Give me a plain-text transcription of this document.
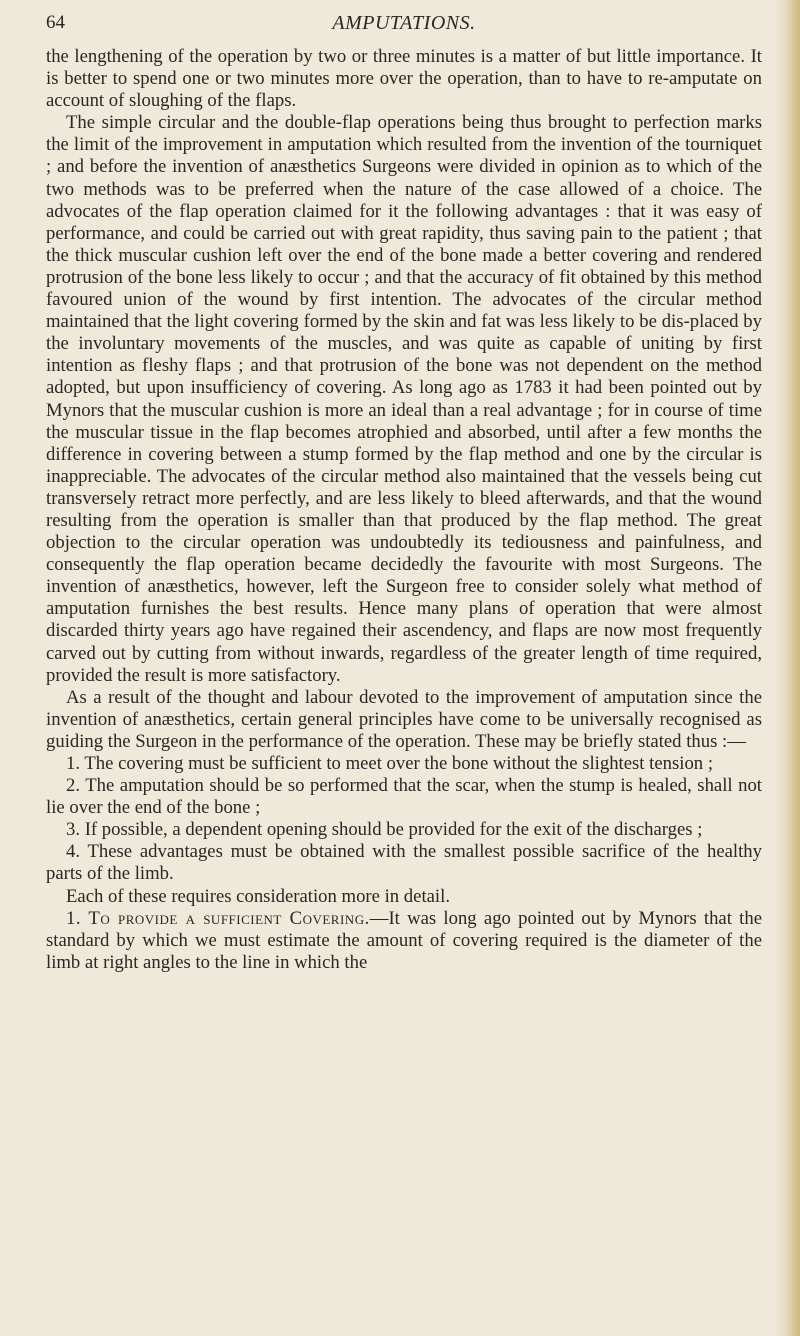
64	AMPUTATIONS.

the lengthening of the operation by two or three minutes is a matter of but little importance. It is better to spend one or two minutes more over the operation, than to have to re-amputate on account of sloughing of the flaps.

The simple circular and the double-flap operations being thus brought to perfection marks the limit of the improvement in amputation which resulted from the invention of the tourniquet ; and before the invention of anæsthetics Surgeons were divided in opinion as to which of the two methods was to be preferred when the nature of the case allowed of a choice. The advocates of the flap operation claimed for it the following advantages : that it was easy of performance, and could be carried out with great rapidity, thus saving pain to the patient ; that the thick muscular cushion left over the end of the bone made a better covering and rendered protrusion of the bone less likely to occur ; and that the accuracy of fit obtained by this method favoured union of the wound by first intention. The advocates of the circular method maintained that the light covering formed by the skin and fat was less likely to be dis-placed by the involuntary movements of the muscles, and was quite as capable of uniting by first intention as fleshy flaps ; and that protrusion of the bone was not dependent on the method adopted, but upon insufficiency of covering. As long ago as 1783 it had been pointed out by Mynors that the muscular cushion is more an ideal than a real advantage ; for in course of time the muscular tissue in the flap becomes atrophied and absorbed, until after a few months the difference in covering between a stump formed by the flap method and one by the circular is inappreciable. The advocates of the circular method also maintained that the vessels being cut transversely retract more perfectly, and are less likely to bleed afterwards, and that the wound resulting from the operation is smaller than that produced by the flap method. The great objection to the circular operation was undoubtedly its tediousness and painfulness, and consequently the flap operation became decidedly the favourite with most Surgeons. The invention of anæsthetics, however, left the Surgeon free to consider solely what method of amputation furnishes the best results. Hence many plans of operation that were almost discarded thirty years ago have regained their ascendency, and flaps are now most frequently carved out by cutting from without inwards, regardless of the greater length of time required, provided the result is more satisfactory.

As a result of the thought and labour devoted to the improvement of amputation since the invention of anæsthetics, certain general principles have come to be universally recognised as guiding the Surgeon in the performance of the operation. These may be briefly stated thus :—

1. The covering must be sufficient to meet over the bone without the slightest tension ;

2. The amputation should be so performed that the scar, when the stump is healed, shall not lie over the end of the bone ;

3. If possible, a dependent opening should be provided for the exit of the discharges ;

4. These advantages must be obtained with the smallest possible sacrifice of the healthy parts of the limb.

Each of these requires consideration more in detail.

1. To provide a sufficient Covering.—It was long ago pointed out by Mynors that the standard by which we must estimate the amount of covering required is the diameter of the limb at right angles to the line in which the
